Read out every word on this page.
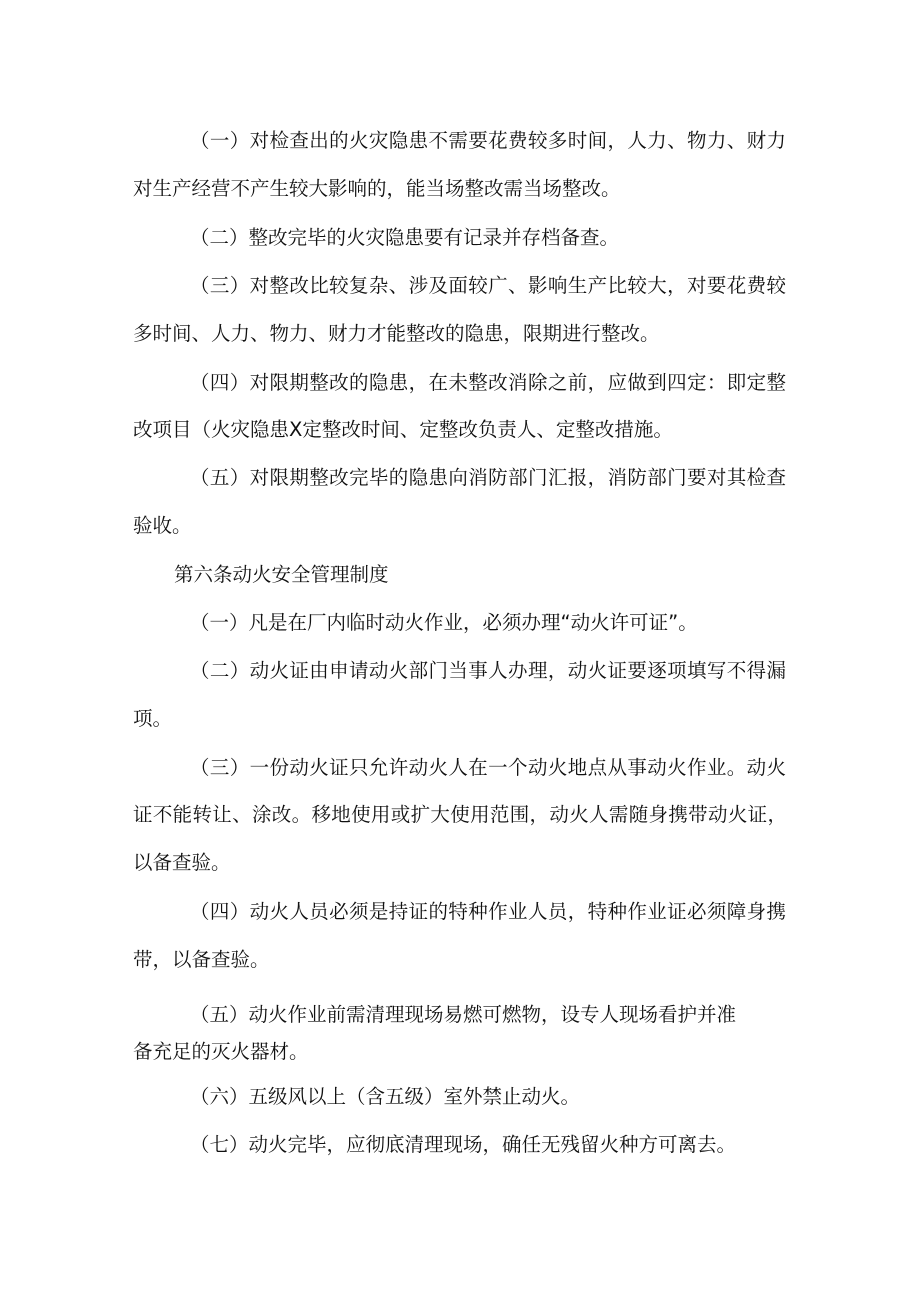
（一）对检查出的火灾隐患不需要花费较多时间，人力、物力、财力
对生产经营不产生较大影响的，能当场整改需当场整改。
（二）整改完毕的火灾隐患要有记录并存档备查。
（三）对整改比较复杂、涉及面较广、影响生产比较大，对要花费较
多时间、人力、物力、财力才能整改的隐患，限期进行整改。
（四）对限期整改的隐患，在未整改消除之前，应做到四定：即定整
改项目（火灾隐患X定整改时间、定整改负责人、定整改措施。
（五）对限期整改完毕的隐患向消防部门汇报，消防部门要对其检查
验收。
第六条动火安全管理制度
（一）凡是在厂内临时动火作业，必须办理“动火许可证”。
（二）动火证由申请动火部门当事人办理，动火证要逐项填写不得漏
项。
（三）一份动火证只允许动火人在一个动火地点从事动火作业。动火
证不能转让、涂改。移地使用或扩大使用范围，动火人需随身携带动火证，
以备查验。
（四）动火人员必须是持证的特种作业人员，特种作业证必须障身携
带，以备查验。
（五）动火作业前需清理现场易燃可燃物，设专人现场看护并准
备充足的灭火器材。
（六）五级风以上（含五级）室外禁止动火。
（七）动火完毕，应彻底清理现场，确任无残留火种方可离去。
